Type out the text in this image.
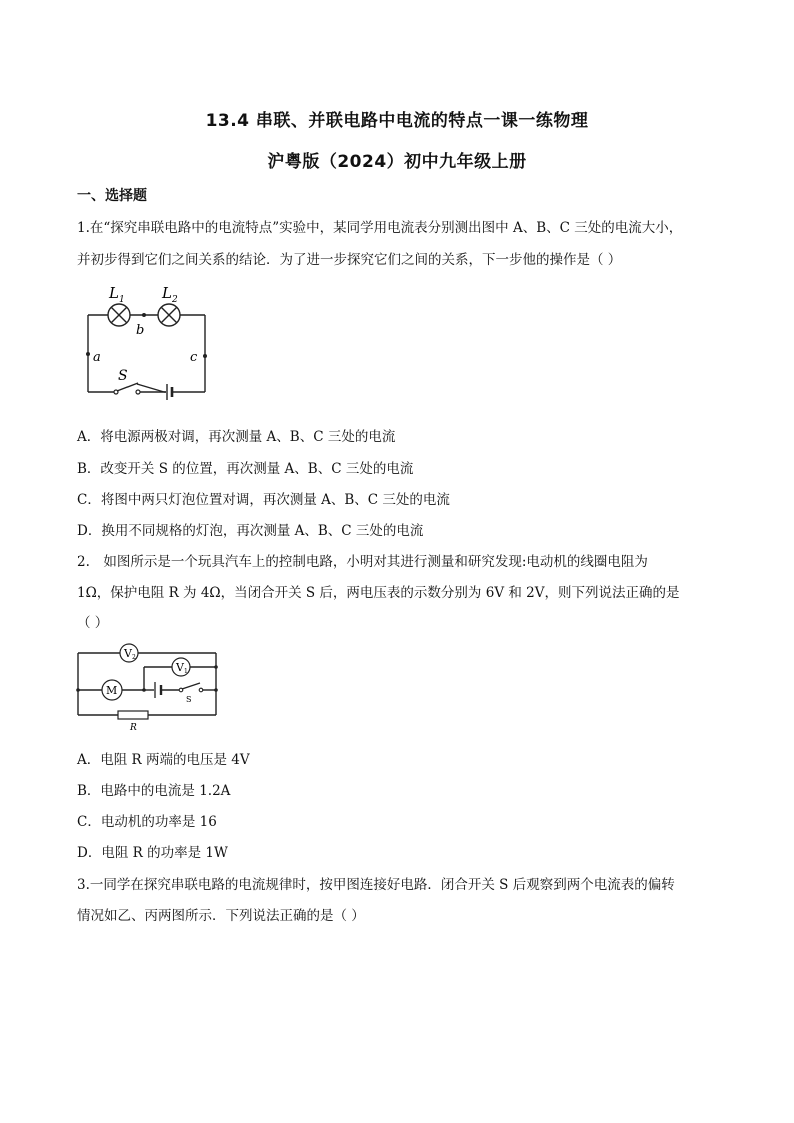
13.4 串联、并联电路中电流的特点一课一练物理
沪粤版（2024）初中九年级上册
一、选择题
1.在“探究串联电路中的电流特点”实验中，某同学用电流表分别测出图中 A、B、C 三处的电流大小，
并初步得到它们之间关系的结论．为了进一步探究它们之间的关系，下一步他的操作是（ ）
L 1 L 2
b
a	c
S
A．将电源两极对调，再次测量 A、B、C 三处的电流
B．改变开关 S 的位置，再次测量 A、B、C 三处的电流
C．将图中两只灯泡位置对调，再次测量 A、B、C 三处的电流
D．换用不同规格的灯泡，再次测量 A、B、C 三处的电流
2.　如图所示是一个玩具汽车上的控制电路，小明对其进行测量和研究发现:电动机的线圈电阻为
1Ω，保护电阻 R 为 4Ω，当闭合开关 S 后，两电压表的示数分别为 6V 和 2V，则下列说法正确的是
（ ）
V 2
V 1
M
S
R
A．电阻 R 两端的电压是 4V
B．电路中的电流是 1.2A
C．电动机的功率是 16
D．电阻 R 的功率是 1W
3.一同学在探究串联电路的电流规律时，按甲图连接好电路．闭合开关 S 后观察到两个电流表的偏转
情况如乙、丙两图所示．下列说法正确的是（ ）
